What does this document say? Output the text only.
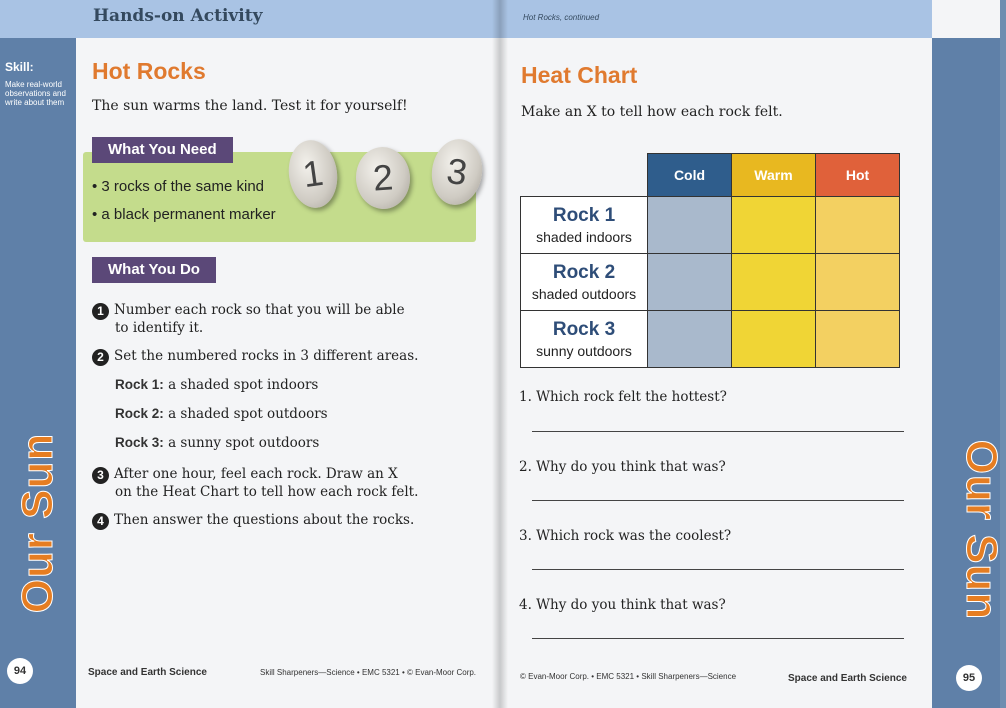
Hands-on Activity
Skill:
Make real-world observations and write about them
Our Sun
94
Hot Rocks
The sun warms the land. Test it for yourself!
What You Need
• 3 rocks of the same kind
• a black permanent marker
1	2	3
What You Do
1 Number each rock so that you will be able
to identify it.
2 Set the numbered rocks in 3 different areas.
Rock 1: a shaded spot indoors
Rock 2: a shaded spot outdoors
Rock 3: a sunny spot outdoors
3 After one hour, feel each rock. Draw an X
on the Heat Chart to tell how each rock felt.
4 Then answer the questions about the rocks.
Space and Earth Science	Skill Sharpeners—Science • EMC 5321 • © Evan-Moor Corp.	95
© Evan-Moor Corp. • EMC 5321 • Skill Sharpeners—Science	Space and Earth Science
Our Sun
Hot Rocks, continued
Heat Chart
Make an X to tell how each rock felt.
	Cold	Warm	Hot

Rock 1
shaded indoors			

Rock 2
shaded outdoors			

Rock 3
sunny outdoors			
1. Which rock felt the hottest?
2. Why do you think that was?
3. Which rock was the coolest?
4. Why do you think that was?
